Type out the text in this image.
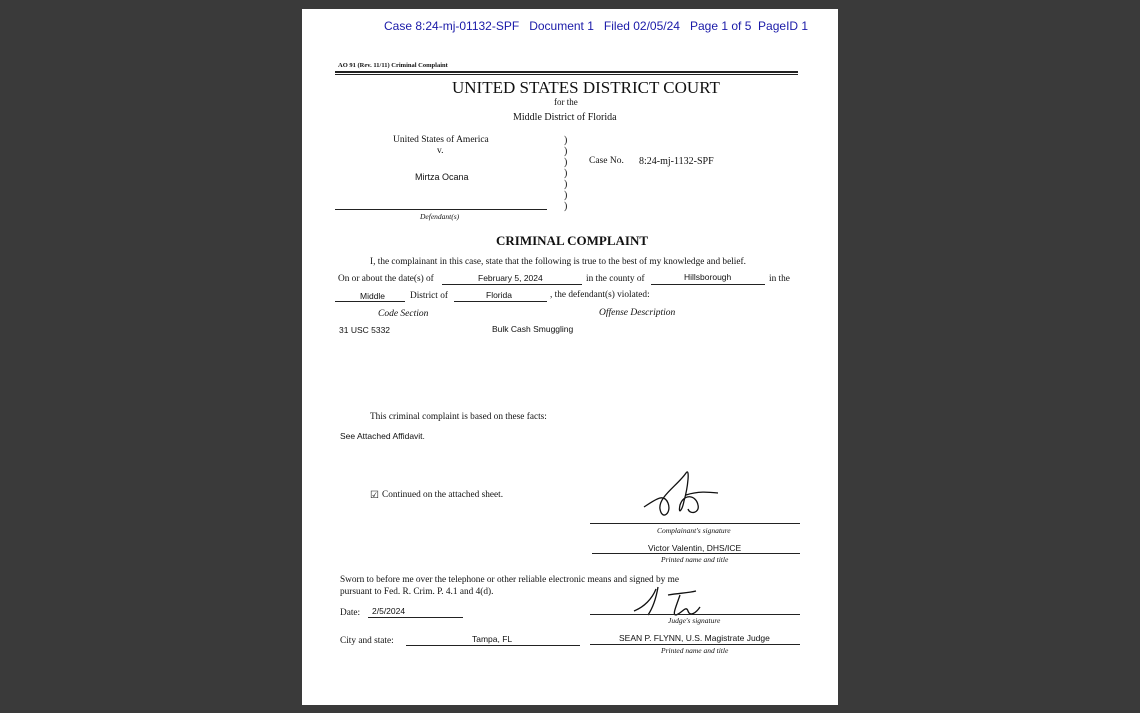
Case 8:24-mj-01132-SPF Document 1 Filed 02/05/24 Page 1 of 5 PageID 1
AO 91 (Rev. 11/11) Criminal Complaint
UNITED STATES DISTRICT COURT
for the
Middle District of Florida
United States of America
v.
Mirtza Ocana
Defendant(s)
)
)
)
)
)
)
)
Case No. 8:24-mj-1132-SPF
CRIMINAL COMPLAINT
I, the complainant in this case, state that the following is true to the best of my knowledge and belief.
On or about the date(s) of	February 5, 2024	in the county of	Hillsborough	in the
Middle	District of	Florida	, the defendant(s) violated:
Code Section	Offense Description
31 USC 5332	Bulk Cash Smuggling
This criminal complaint is based on these facts:
See Attached Affidavit.
☑ Continued on the attached sheet.
Complainant's signature
Victor Valentin, DHS/ICE
Printed name and title
Sworn to before me over the telephone or other reliable electronic means and signed by me
pursuant to Fed. R. Crim. P. 4.1 and 4(d).
Date: 2/5/2024
Judge's signature
City and state:	Tampa, FL	SEAN P. FLYNN, U.S. Magistrate Judge
Printed name and title
